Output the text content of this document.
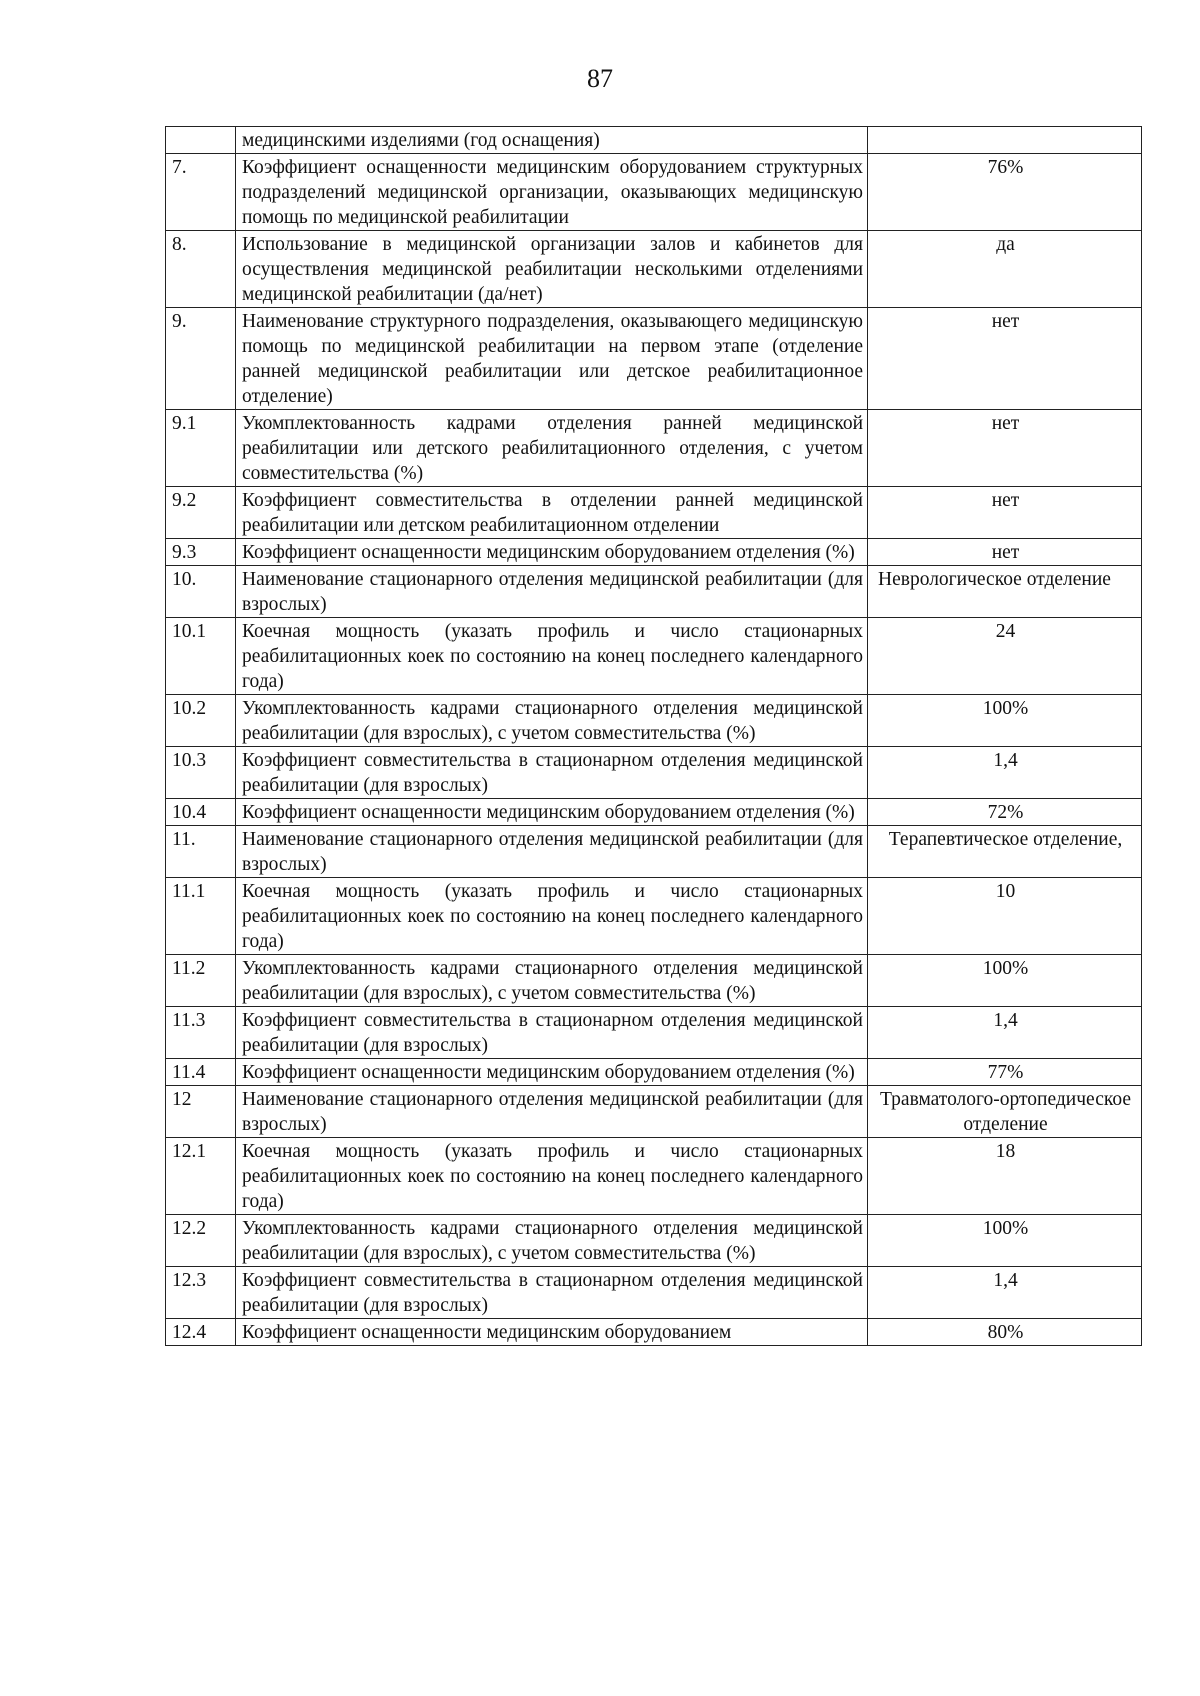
87
	медицинскими изделиями (год оснащения)	
7.	Коэффициент оснащенности медицинским оборудованием структурных подразделений медицинской организации, оказывающих медицинскую помощь по медицинской реабилитации	76%
8.	Использование в медицинской организации залов и кабинетов для осуществления медицинской реабилитации несколькими отделениями медицинской реабилитации (да/нет)	да
9.	Наименование структурного подразделения, оказывающего медицинскую помощь по медицинской реабилитации на первом этапе (отделение ранней медицинской реабилитации или детское реабилитационное отделение)	нет
9.1	Укомплектованность кадрами отделения ранней медицинской реабилитации или детского реабилитационного отделения, с учетом совместительства (%)	нет
9.2	Коэффициент совместительства в отделении ранней медицинской реабилитации или детском реабилитационном отделении	нет
9.3	Коэффициент оснащенности медицинским оборудованием отделения (%)	нет
10.	Наименование стационарного отделения медицинской реабилитации (для взрослых)	Неврологическое отделение
10.1	Коечная мощность (указать профиль и число стационарных реабилитационных коек по состоянию на конец последнего календарного года)	24
10.2	Укомплектованность кадрами стационарного отделения медицинской реабилитации (для взрослых), с учетом совместительства (%)	100%
10.3	Коэффициент совместительства в стационарном отделения медицинской реабилитации (для взрослых)	1,4
10.4	Коэффициент оснащенности медицинским оборудованием отделения (%)	72%
11.	Наименование стационарного отделения медицинской реабилитации (для взрослых)	Терапевтическое отделение,
11.1	Коечная мощность (указать профиль и число стационарных реабилитационных коек по состоянию на конец последнего календарного года)	10
11.2	Укомплектованность кадрами стационарного отделения медицинской реабилитации (для взрослых), с учетом совместительства (%)	100%
11.3	Коэффициент совместительства в стационарном отделения медицинской реабилитации (для взрослых)	1,4
11.4	Коэффициент оснащенности медицинским оборудованием отделения (%)	77%
12	Наименование стационарного отделения медицинской реабилитации (для взрослых)	Травматолого-ортопедическое отделение
12.1	Коечная мощность (указать профиль и число стационарных реабилитационных коек по состоянию на конец последнего календарного года)	18
12.2	Укомплектованность кадрами стационарного отделения медицинской реабилитации (для взрослых), с учетом совместительства (%)	100%
12.3	Коэффициент совместительства в стационарном отделения медицинской реабилитации (для взрослых)	1,4
12.4	Коэффициент оснащенности медицинским оборудованием	80%
